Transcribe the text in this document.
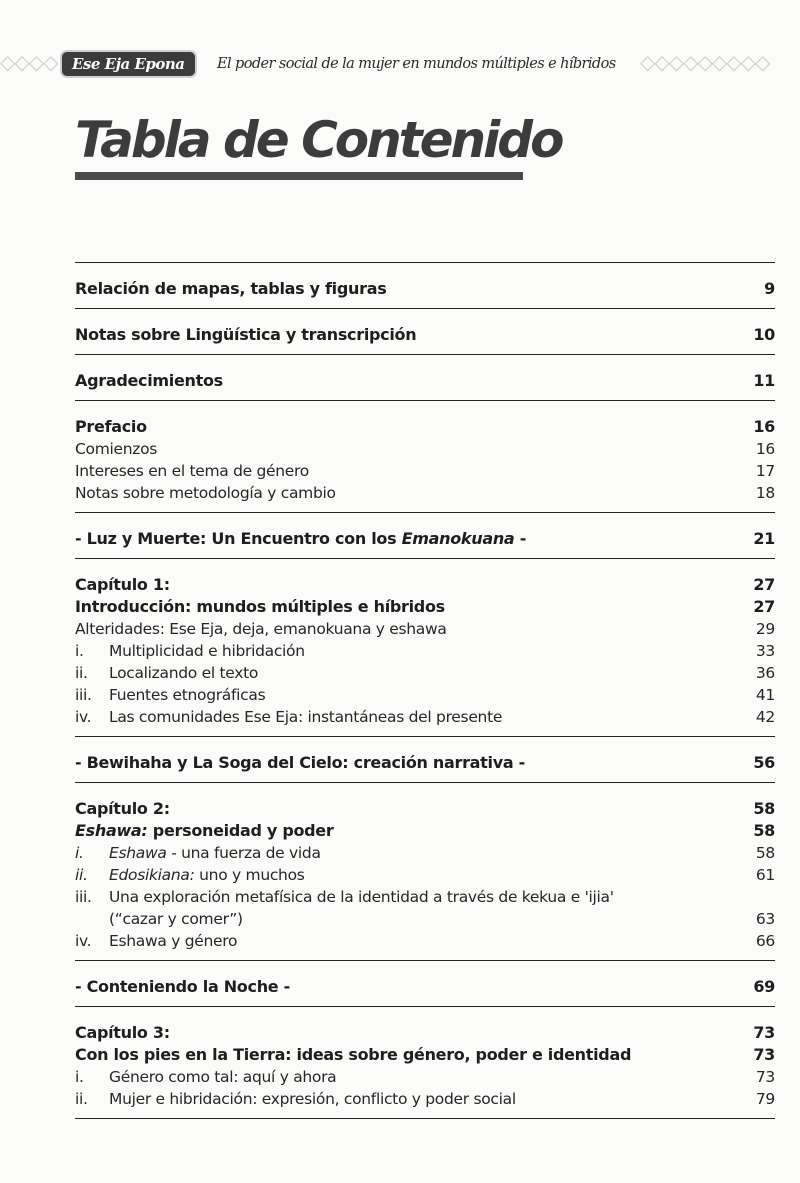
◇◇◇◇ Ese Eja Epona	El poder social de la mujer en mundos múltiples e híbridos ◇◇◇◇◇◇◇◇◇
Tabla de Contenido
Relación de mapas, tablas y figuras	9
Notas sobre Lingüística y transcripción	10
Agradecimientos	11
Prefacio	16
Comienzos	16
Intereses en el tema de género	17
Notas sobre metodología y cambio	18
- Luz y Muerte: Un Encuentro con los Emanokuana -	21
Capítulo 1:	27
Introducción: mundos múltiples e híbridos	27
Alteridades: Ese Eja, deja, emanokuana y eshawa	29
i.	Multiplicidad e hibridación	33
ii.	Localizando el texto	36
iii.	Fuentes etnográficas	41
iv.	Las comunidades Ese Eja: instantáneas del presente	42
- Bewihaha y La Soga del Cielo: creación narrativa -	56
Capítulo 2:	58
Eshawa: personeidad y poder	58
i.	Eshawa - una fuerza de vida	58
ii.	Edosikiana: uno y muchos	61
iii.	Una exploración metafísica de la identidad a través de kekua e 'ijia'
(“cazar y comer”)	63
iv.	Eshawa y género	66
- Conteniendo la Noche -	69
Capítulo 3:	73
Con los pies en la Tierra: ideas sobre género, poder e identidad	73
i.	Género como tal: aquí y ahora	73
ii.	Mujer e hibridación: expresión, conflicto y poder social	79
